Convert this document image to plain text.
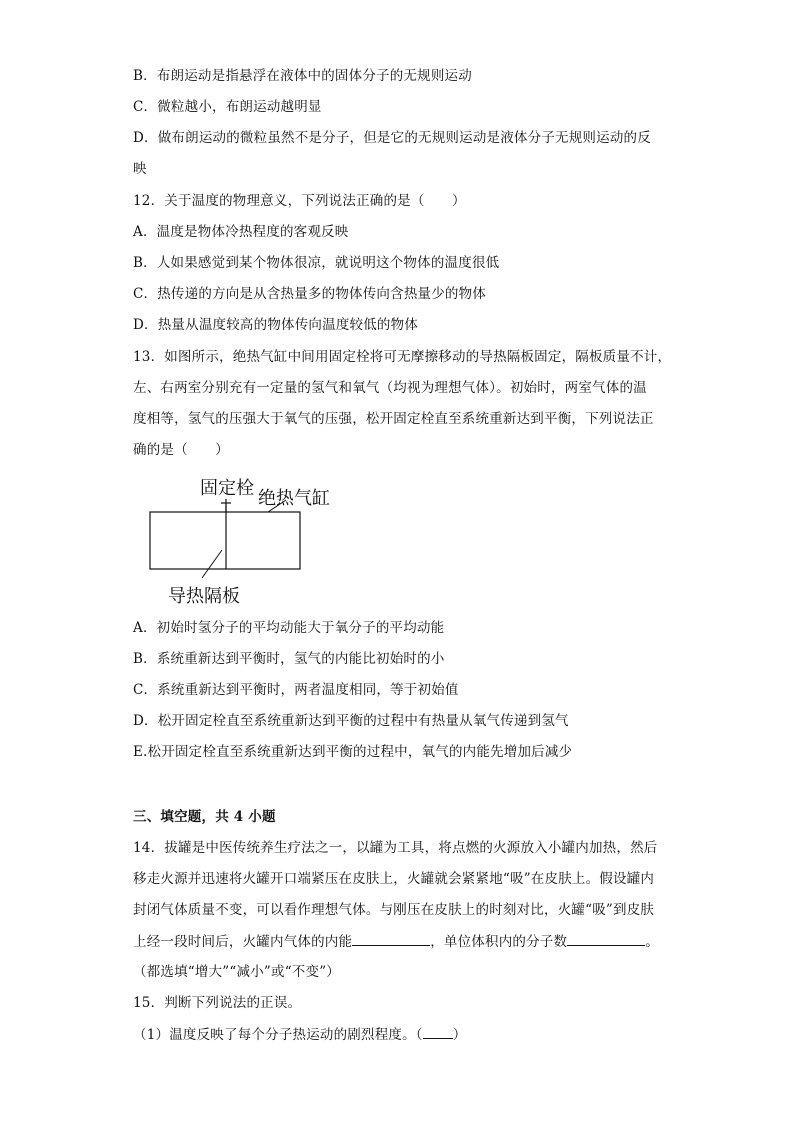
B．布朗运动是指悬浮在液体中的固体分子的无规则运动
C．微粒越小，布朗运动越明显
D．做布朗运动的微粒虽然不是分子，但是它的无规则运动是液体分子无规则运动的反
映
12．关于温度的物理意义，下列说法正确的是（　　）
A．温度是物体冷热程度的客观反映
B．人如果感觉到某个物体很凉，就说明这个物体的温度很低
C．热传递的方向是从含热量多的物体传向含热量少的物体
D．热量从温度较高的物体传向温度较低的物体
13．如图所示，绝热气缸中间用固定栓将可无摩擦移动的导热隔板固定，隔板质量不计，
左、右两室分别充有一定量的氢气和氧气（均视为理想气体）。初始时，两室气体的温
度相等，氢气的压强大于氧气的压强，松开固定栓直至系统重新达到平衡，下列说法正
确的是（　　）
固定栓 绝热气缸
导热隔板
A．初始时氢分子的平均动能大于氧分子的平均动能
B．系统重新达到平衡时，氢气的内能比初始时的小
C．系统重新达到平衡时，两者温度相同，等于初始值
D．松开固定栓直至系统重新达到平衡的过程中有热量从氧气传递到氢气
E.松开固定栓直至系统重新达到平衡的过程中，氧气的内能先增加后减少
三、填空题，共 4 小题
14．拔罐是中医传统养生疗法之一，以罐为工具，将点燃的火源放入小罐内加热，然后
移走火源并迅速将火罐开口端紧压在皮肤上，火罐就会紧紧地“吸”在皮肤上。假设罐内
封闭气体质量不变，可以看作理想气体。与刚压在皮肤上的时刻对比，火罐“吸”到皮肤
上经一段时间后，火罐内气体的内能	，单位体积内的分子数	。
（都选填“增大”“减小”或“不变”）
15．判断下列说法的正误。
（1）温度反映了每个分子热运动的剧烈程度。（ ）
